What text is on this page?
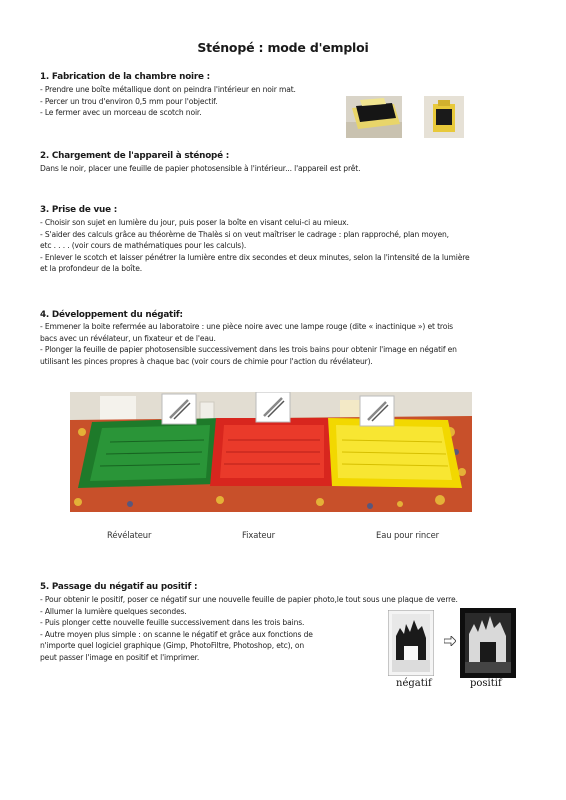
Sténopé : mode d'emploi
1. Fabrication de la chambre noire :
- Prendre une boîte métallique dont on peindra l'intérieur en noir mat.
- Percer un trou d'environ 0,5 mm pour l'objectif.
- Le fermer avec un morceau de scotch noir.
2. Chargement de l'appareil à sténopé :
Dans le noir, placer une feuille de papier photosensible à l'intérieur... l'appareil est prêt.
3. Prise de vue :
- Choisir son sujet en lumière du jour, puis poser la boîte en visant celui-ci au mieux.
- S'aider des calculs grâce au théorème de Thalès si on veut maîtriser le cadrage : plan rapproché, plan moyen,
etc . . . . (voir cours de mathématiques pour les calculs).
- Enlever le scotch et laisser pénétrer la lumière entre dix secondes et deux minutes, selon la l'intensité de la lumière
et la profondeur de la boîte.
4. Développement du négatif:
- Emmener la boite refermée au laboratoire : une pièce noire avec une lampe rouge (dite « inactinique ») et trois
bacs avec un révélateur, un fixateur et de l'eau.
- Plonger la feuille de papier photosensible successivement dans les trois bains pour obtenir l'image en négatif en
utilisant les pinces propres à chaque bac (voir cours de chimie pour l'action du révélateur).
Révélateur	Fixateur	Eau pour rincer
5. Passage du négatif au positif :
- Pour obtenir le positif, poser ce négatif sur une nouvelle feuille de papier photo,le tout sous une plaque de verre.
- Allumer la lumière quelques secondes.
- Puis plonger cette nouvelle feuille successivement dans les trois bains.
- Autre moyen plus simple : on scanne le négatif et grâce aux fonctions de
n'importe quel logiciel graphique (Gimp, PhotoFiltre, Photoshop, etc), on
peut passer l'image en positif et l'imprimer.
négatif	positif
